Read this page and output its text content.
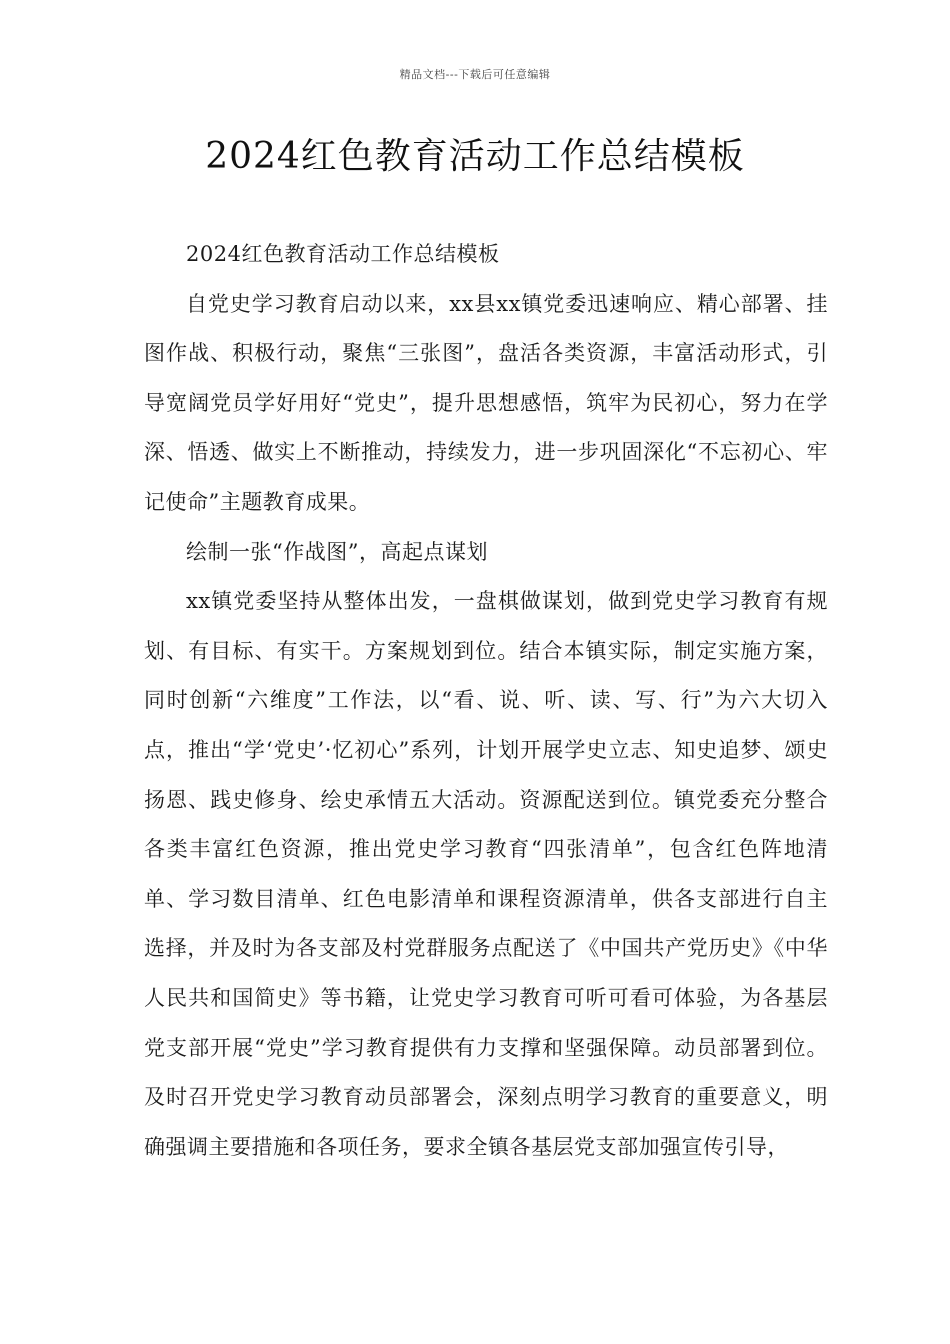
精品文档---下载后可任意编辑
2024红色教育活动工作总结模板

2024红色教育活动工作总结模板

自党史学习教育启动以来，xx县xx镇党委迅速响应、精心部署、挂图作战、积极行动，聚焦“三张图”，盘活各类资源，丰富活动形式，引导宽阔党员学好用好“党史”，提升思想感悟，筑牢为民初心，努力在学深、悟透、做实上不断推动，持续发力，进一步巩固深化“不忘初心、牢记使命”主题教育成果。

绘制一张“作战图”，高起点谋划

xx镇党委坚持从整体出发，一盘棋做谋划，做到党史学习教育有规划、有目标、有实干。方案规划到位。结合本镇实际，制定实施方案，同时创新“六维度”工作法，以“看、说、听、读、写、行”为六大切入点，推出“学‘党史’·忆初心”系列，计划开展学史立志、知史追梦、颂史扬恩、践史修身、绘史承情五大活动。资源配送到位。镇党委充分整合各类丰富红色资源，推出党史学习教育“四张清单”，包含红色阵地清单、学习数目清单、红色电影清单和课程资源清单，供各支部进行自主选择，并及时为各支部及村党群服务点配送了《中国共产党历史》《中华人民共和国简史》等书籍，让党史学习教育可听可看可体验，为各基层党支部开展“党史”学习教育提供有力支撑和坚强保障。动员部署到位。及时召开党史学习教育动员部署会，深刻点明学习教育的重要意义，明确强调主要措施和各项任务，要求全镇各基层党支部加强宣传引导，
